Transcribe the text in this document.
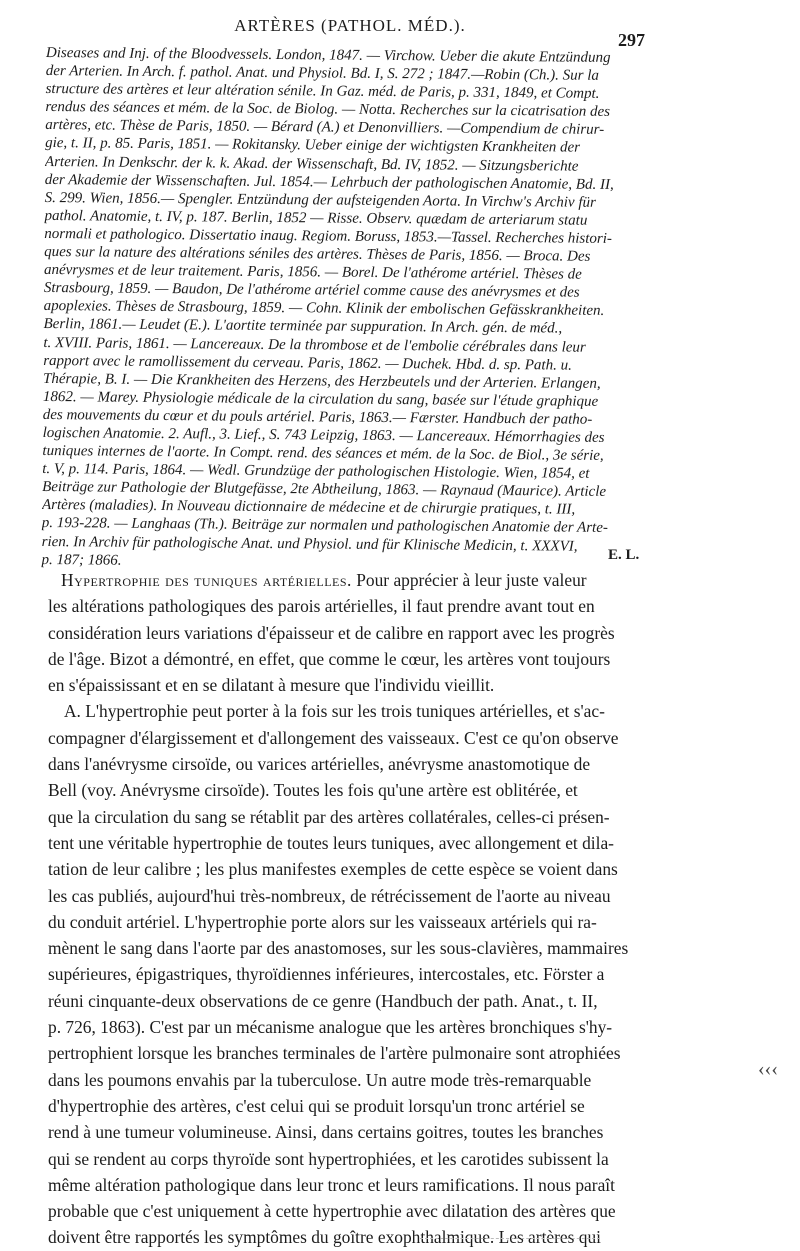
ARTÈRES (PATHOL. MÉD.).
297
Diseases and Inj. of the Bloodvessels. London, 1847. — Virchow. Ueber die akute Entzündung
der Arterien. In Arch. f. pathol. Anat. und Physiol. Bd. I, S. 272 ; 1847.—Robin (Ch.). Sur la
structure des artères et leur altération sénile. In Gaz. méd. de Paris, p. 331, 1849, et Compt.
rendus des séances et mém. de la Soc. de Biolog. — Notta. Recherches sur la cicatrisation des
artères, etc. Thèse de Paris, 1850. — Bérard (A.) et Denonvilliers. —Compendium de chirur-
gie, t. II, p. 85. Paris, 1851. — Rokitansky. Ueber einige der wichtigsten Krankheiten der
Arterien. In Denkschr. der k. k. Akad. der Wissenschaft, Bd. IV, 1852. — Sitzungsberichte
der Akademie der Wissenschaften. Jul. 1854.— Lehrbuch der pathologischen Anatomie, Bd. II,
S. 299. Wien, 1856.— Spengler. Entzündung der aufsteigenden Aorta. In Virchw's Archiv für
pathol. Anatomie, t. IV, p. 187. Berlin, 1852 — Risse. Observ. quædam de arteriarum statu
normali et pathologico. Dissertatio inaug. Regiom. Boruss, 1853.—Tassel. Recherches histori-
ques sur la nature des altérations séniles des artères. Thèses de Paris, 1856. — Broca. Des
anévrysmes et de leur traitement. Paris, 1856. — Borel. De l'athérome artériel. Thèses de
Strasbourg, 1859. — Baudon, De l'athérome artériel comme cause des anévrysmes et des
apoplexies. Thèses de Strasbourg, 1859. — Cohn. Klinik der embolischen Gefässkrankheiten.
Berlin, 1861.— Leudet (E.). L'aortite terminée par suppuration. In Arch. gén. de méd.,
t. XVIII. Paris, 1861. — Lancereaux. De la thrombose et de l'embolie cérébrales dans leur
rapport avec le ramollissement du cerveau. Paris, 1862. — Duchek. Hbd. d. sp. Path. u.
Thérapie, B. I. — Die Krankheiten des Herzens, des Herzbeutels und der Arterien. Erlangen,
1862. — Marey. Physiologie médicale de la circulation du sang, basée sur l'étude graphique
des mouvements du cœur et du pouls artériel. Paris, 1863.— Færster. Handbuch der patho-
logischen Anatomie. 2. Aufl., 3. Lief., S. 743 Leipzig, 1863. — Lancereaux. Hémorrhagies des
tuniques internes de l'aorte. In Compt. rend. des séances et mém. de la Soc. de Biol., 3e série,
t. V, p. 114. Paris, 1864. — Wedl. Grundzüge der pathologischen Histologie. Wien, 1854, et
Beiträge zur Pathologie der Blutgefässe, 2te Abtheilung, 1863. — Raynaud (Maurice). Article
Artères (maladies). In Nouveau dictionnaire de médecine et de chirurgie pratiques, t. III,
p. 193-228. — Langhaas (Th.). Beiträge zur normalen und pathologischen Anatomie der Arte-
rien. In Archiv für pathologische Anat. und Physiol. und für Klinische Medicin, t. XXXVI,
p. 187; 1866.	E. L.
Hypertrophie des tuniques artérielles. Pour apprécier à leur juste valeur
les altérations pathologiques des parois artérielles, il faut prendre avant tout en
considération leurs variations d'épaisseur et de calibre en rapport avec les progrès
de l'âge. Bizot a démontré, en effet, que comme le cœur, les artères vont toujours
en s'épaississant et en se dilatant à mesure que l'individu vieillit.
A. L'hypertrophie peut porter à la fois sur les trois tuniques artérielles, et s'ac-
compagner d'élargissement et d'allongement des vaisseaux. C'est ce qu'on observe
dans l'anévrysme cirsoïde, ou varices artérielles, anévrysme anastomotique de
Bell (voy. Anévrysme cirsoïde). Toutes les fois qu'une artère est oblitérée, et
que la circulation du sang se rétablit par des artères collatérales, celles-ci présen-
tent une véritable hypertrophie de toutes leurs tuniques, avec allongement et dila-
tation de leur calibre ; les plus manifestes exemples de cette espèce se voient dans
les cas publiés, aujourd'hui très-nombreux, de rétrécissement de l'aorte au niveau
du conduit artériel. L'hypertrophie porte alors sur les vaisseaux artériels qui ra-
mènent le sang dans l'aorte par des anastomoses, sur les sous-clavières, mammaires
supérieures, épigastriques, thyroïdiennes inférieures, intercostales, etc. Förster a
réuni cinquante-deux observations de ce genre (Handbuch der path. Anat., t. II,
p. 726, 1863). C'est par un mécanisme analogue que les artères bronchiques s'hy-
pertrophient lorsque les branches terminales de l'artère pulmonaire sont atrophiées
dans les poumons envahis par la tuberculose. Un autre mode très-remarquable
d'hypertrophie des artères, c'est celui qui se produit lorsqu'un tronc artériel se
rend à une tumeur volumineuse. Ainsi, dans certains goitres, toutes les branches
qui se rendent au corps thyroïde sont hypertrophiées, et les carotides subissent la
même altération pathologique dans leur tronc et leurs ramifications. Il nous paraît
probable que c'est uniquement à cette hypertrophie avec dilatation des artères que
doivent être rapportés les symptômes du goître exophthalmique. Les artères qui
‹‹‹
